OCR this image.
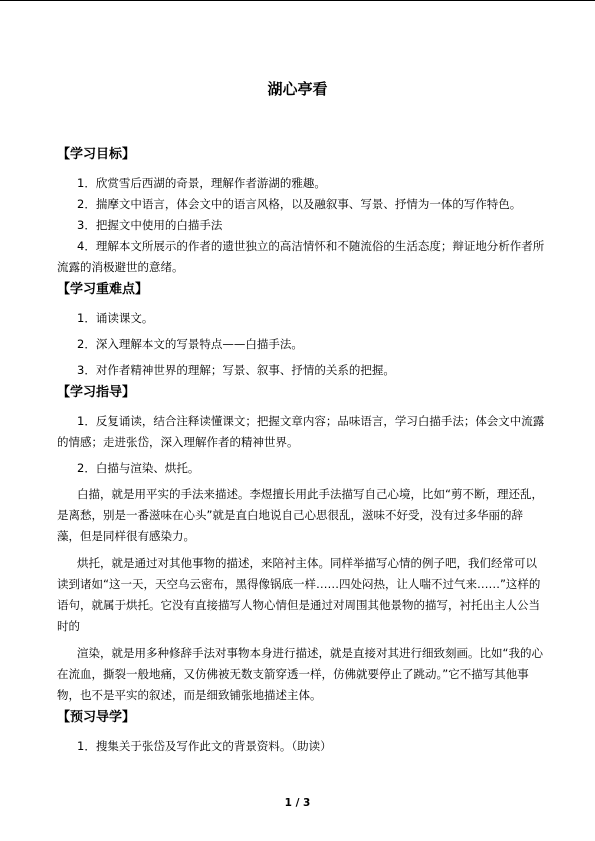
湖心亭看
【学习目标】

1．欣赏雪后西湖的奇景，理解作者游湖的雅趣。

2．揣摩文中语言，体会文中的语言风格，以及融叙事、写景、抒情为一体的写作特色。

3．把握文中使用的白描手法

4．理解本文所展示的作者的遗世独立的高洁情怀和不随流俗的生活态度；辩证地分析作者所流露的消极避世的意绪。

【学习重难点】

1．诵读课文。

2．深入理解本文的写景特点——白描手法。

3．对作者精神世界的理解；写景、叙事、抒情的关系的把握。

【学习指导】

1．反复诵读，结合注释读懂课文；把握文章内容；品味语言，学习白描手法；体会文中流露的情感；走进张岱，深入理解作者的精神世界。

2．白描与渲染、烘托。

白描，就是用平实的手法来描述。李煜擅长用此手法描写自己心境，比如“剪不断，理还乱，是离愁，别是一番滋味在心头”就是直白地说自己心思很乱，滋味不好受，没有过多华丽的辞藻，但是同样很有感染力。

烘托，就是通过对其他事物的描述，来陪衬主体。同样举描写心情的例子吧，我们经常可以读到诸如“这一天，天空乌云密布，黑得像锅底一样……四处闷热，让人喘不过气来……”这样的语句，就属于烘托。它没有直接描写人物心情但是通过对周围其他景物的描写，衬托出主人公当时的

渲染，就是用多种修辞手法对事物本身进行描述，就是直接对其进行细致刻画。比如“我的心在流血，撕裂一般地痛，又仿佛被无数支箭穿透一样，仿佛就要停止了跳动。”它不描写其他事物，也不是平实的叙述，而是细致铺张地描述主体。

【预习导学】

1．搜集关于张岱及写作此文的背景资料。（助读）

1 / 3
